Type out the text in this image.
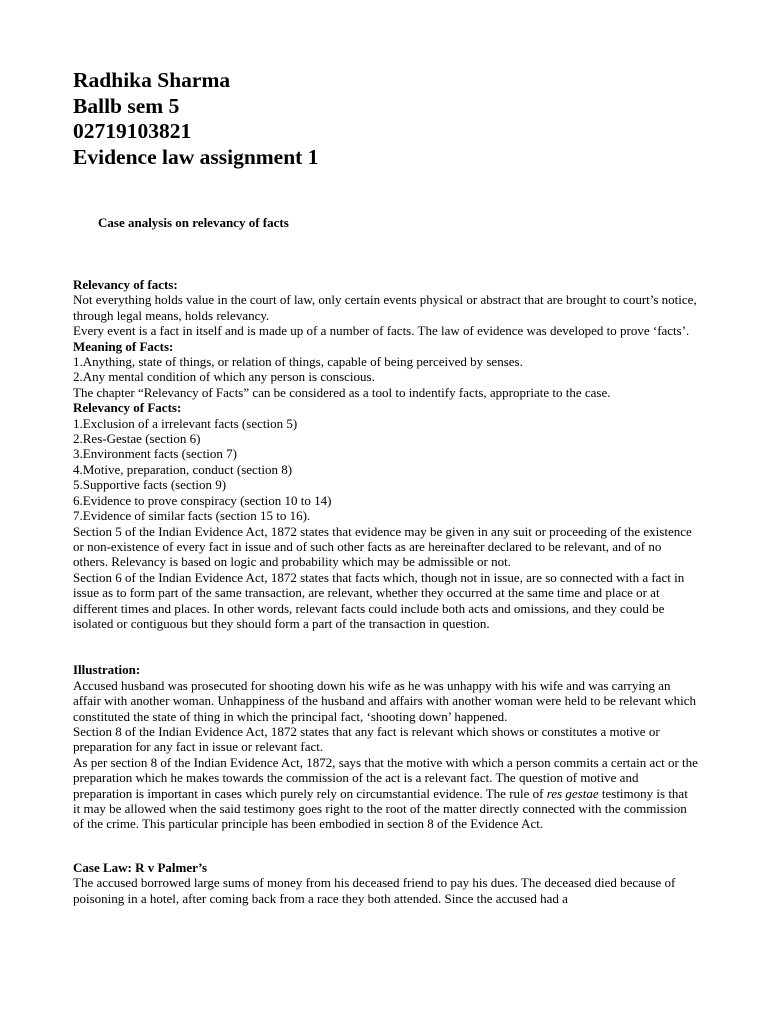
Radhika Sharma
Ballb sem 5
02719103821
Evidence law assignment 1
Case analysis on relevancy of facts

Relevancy of facts:

Not everything holds value in the court of law, only certain events physical or abstract that are brought to court’s notice, through legal means, holds relevancy.

Every event is a fact in itself and is made up of a number of facts. The law of evidence was developed to prove ‘facts’.

Meaning of Facts:

1.Anything, state of things, or relation of things, capable of being perceived by senses.

2.Any mental condition of which any person is conscious.

The chapter “Relevancy of Facts” can be considered as a tool to indentify facts, appropriate to the case.

Relevancy of Facts:

1.Exclusion of a irrelevant facts (section 5)

2.Res-Gestae (section 6)

3.Environment facts (section 7)

4.Motive, preparation, conduct (section 8)

5.Supportive facts (section 9)

6.Evidence to prove conspiracy (section 10 to 14)

7.Evidence of similar facts (section 15 to 16).

Section 5 of the Indian Evidence Act, 1872 states that evidence may be given in any suit or proceeding of the existence or non-existence of every fact in issue and of such other facts as are hereinafter declared to be relevant, and of no others. Relevancy is based on logic and probability which may be admissible or not.

Section 6 of the Indian Evidence Act, 1872 states that facts which, though not in issue, are so connected with a fact in issue as to form part of the same transaction, are relevant, whether they occurred at the same time and place or at different times and places. In other words, relevant facts could include both acts and omissions, and they could be isolated or contiguous but they should form a part of the transaction in question.

Illustration:

Accused husband was prosecuted for shooting down his wife as he was unhappy with his wife and was carrying an affair with another woman. Unhappiness of the husband and affairs with another woman were held to be relevant which constituted the state of thing in which the principal fact, ‘shooting down’ happened.

Section 8 of the Indian Evidence Act, 1872 states that any fact is relevant which shows or constitutes a motive or preparation for any fact in issue or relevant fact.

As per section 8 of the Indian Evidence Act, 1872, says that the motive with which a person commits a certain act or the preparation which he makes towards the commission of the act is a relevant fact. The question of motive and preparation is important in cases which purely rely on circumstantial evidence. The rule of res gestae testimony is that it may be allowed when the said testimony goes right to the root of the matter directly connected with the commission of the crime. This particular principle has been embodied in section 8 of the Evidence Act.

Case Law: R v Palmer’s

The accused borrowed large sums of money from his deceased friend to pay his dues. The deceased died because of poisoning in a hotel, after coming back from a race they both attended. Since the accused had a
